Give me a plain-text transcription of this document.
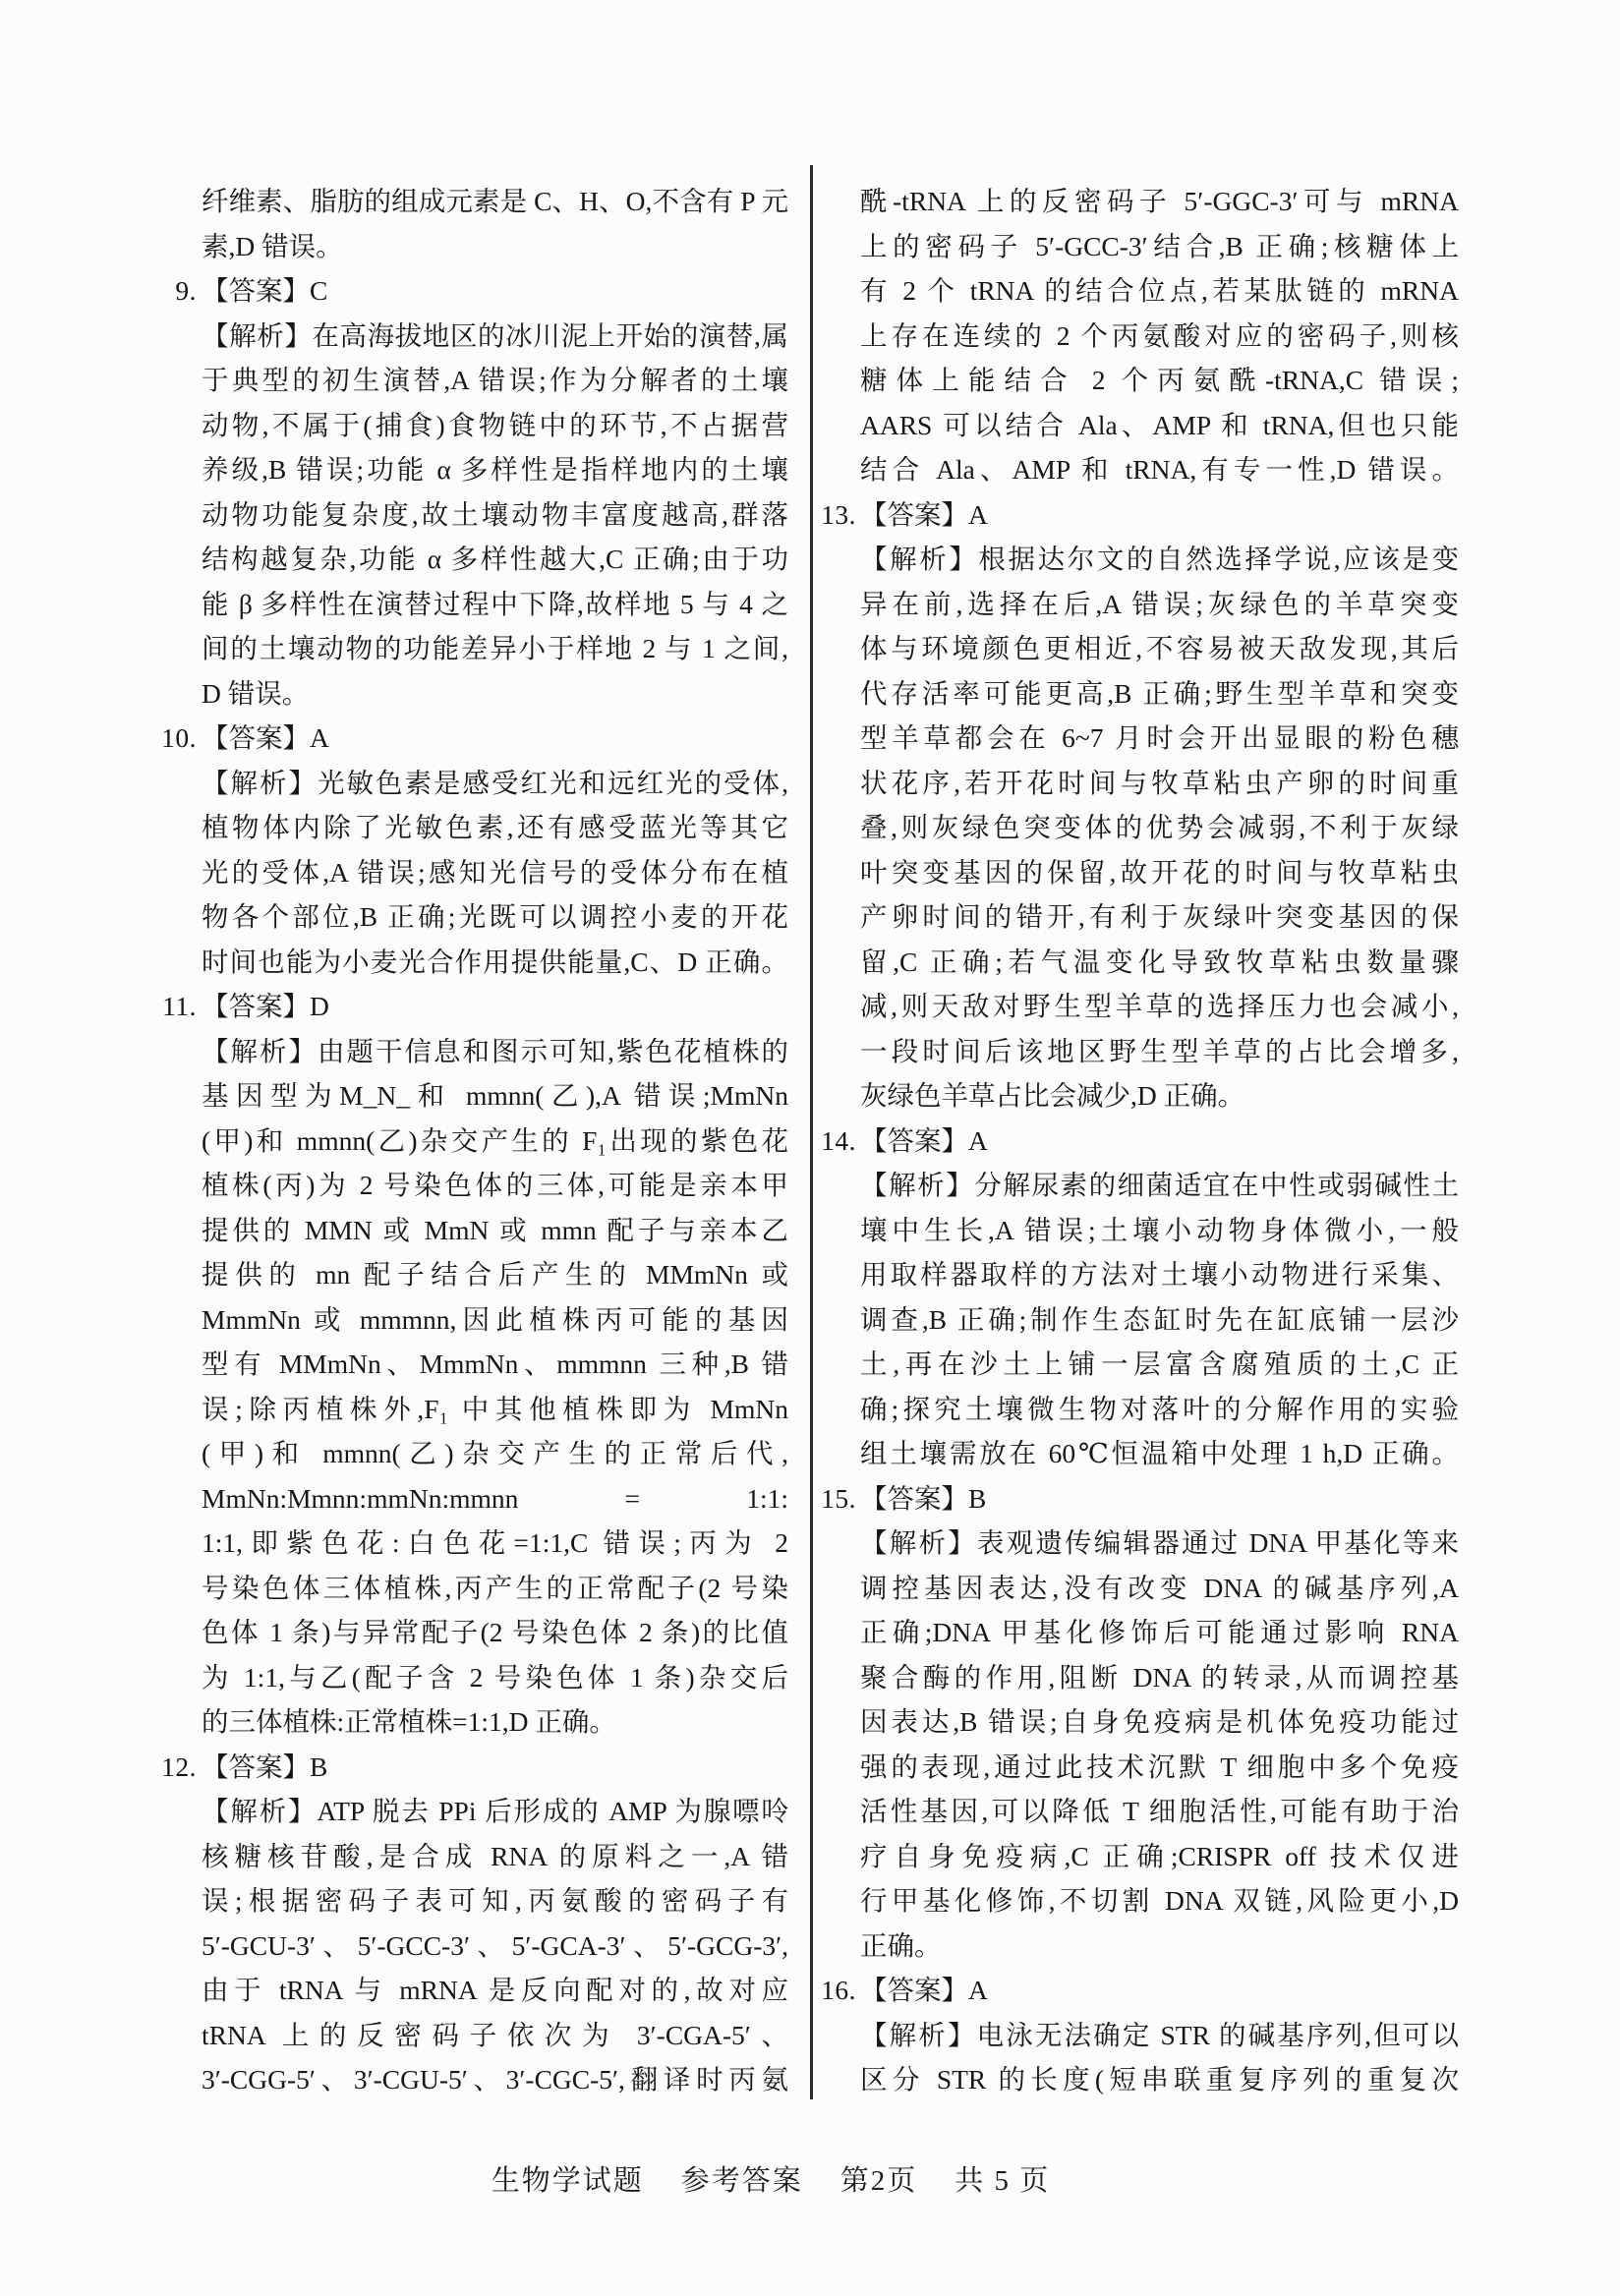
纤维素、脂肪的组成元素是 C、H、O,不含有 P 元
素,D 错误。
9. 【答案】C
【解析】在高海拔地区的冰川泥上开始的演替,属
于典型的初生演替,A 错误;作为分解者的土壤
动物,不属于(捕食)食物链中的环节,不占据营
养级,B 错误;功能 α 多样性是指样地内的土壤
动物功能复杂度,故土壤动物丰富度越高,群落
结构越复杂,功能 α 多样性越大,C 正确;由于功
能 β 多样性在演替过程中下降,故样地 5 与 4 之
间的土壤动物的功能差异小于样地 2 与 1 之间,
D 错误。
10. 【答案】A
【解析】光敏色素是感受红光和远红光的受体,
植物体内除了光敏色素,还有感受蓝光等其它
光的受体,A 错误;感知光信号的受体分布在植
物各个部位,B 正确;光既可以调控小麦的开花
时间也能为小麦光合作用提供能量,C、D 正确。
11. 【答案】D
【解析】由题干信息和图示可知,紫色花植株的
基因型为M_N_和 mmnn(乙),A 错误;MmNn
(甲)和 mmnn(乙)杂交产生的 F₁出现的紫色花
植株(丙)为 2 号染色体的三体,可能是亲本甲
提供的 MMN 或 MmN 或 mmn 配子与亲本乙
提供的 mn 配子结合后产生的 MMmNn 或
MmmNn 或 mmmnn,因此植株丙可能的基因
型有 MMmNn、MmmNn、mmmnn 三种,B 错
误;除丙植株外,F₁ 中其他植株即为 MmNn
(甲)和 mmnn(乙)杂交产生的正常后代,
MmNn:Mmnn:mmNn:mmnn = 1:1:
1:1,即紫色花:白色花=1:1,C 错误;丙为 2
号染色体三体植株,丙产生的正常配子(2 号染
色体 1 条)与异常配子(2 号染色体 2 条)的比值
为 1:1,与乙(配子含 2 号染色体 1 条)杂交后
的三体植株:正常植株=1:1,D 正确。
12. 【答案】B
【解析】ATP 脱去 PPi 后形成的 AMP 为腺嘌呤
核糖核苷酸,是合成 RNA 的原料之一,A 错
误;根据密码子表可知,丙氨酸的密码子有
5′-GCU-3′、5′-GCC-3′、5′-GCA-3′、5′-GCG-3′,
由于 tRNA 与 mRNA 是反向配对的,故对应
tRNA 上的反密码子依次为 3′-CGA-5′、
3′-CGG-5′、3′-CGU-5′、3′-CGC-5′,翻译时丙氨
酰-tRNA 上的反密码子 5′-GGC-3′可与 mRNA
上的密码子 5′-GCC-3′结合,B 正确;核糖体上
有 2 个 tRNA 的结合位点,若某肽链的 mRNA
上存在连续的 2 个丙氨酸对应的密码子,则核
糖体上能结合 2 个丙氨酰-tRNA,C 错误;
AARS 可以结合 Ala、AMP 和 tRNA,但也只能
结合 Ala、AMP 和 tRNA,有专一性,D 错误。
13. 【答案】A
【解析】根据达尔文的自然选择学说,应该是变
异在前,选择在后,A 错误;灰绿色的羊草突变
体与环境颜色更相近,不容易被天敌发现,其后
代存活率可能更高,B 正确;野生型羊草和突变
型羊草都会在 6~7 月时会开出显眼的粉色穗
状花序,若开花时间与牧草粘虫产卵的时间重
叠,则灰绿色突变体的优势会减弱,不利于灰绿
叶突变基因的保留,故开花的时间与牧草粘虫
产卵时间的错开,有利于灰绿叶突变基因的保
留,C 正确;若气温变化导致牧草粘虫数量骤
减,则天敌对野生型羊草的选择压力也会减小,
一段时间后该地区野生型羊草的占比会增多,
灰绿色羊草占比会减少,D 正确。
14. 【答案】A
【解析】分解尿素的细菌适宜在中性或弱碱性土
壤中生长,A 错误;土壤小动物身体微小,一般
用取样器取样的方法对土壤小动物进行采集、
调查,B 正确;制作生态缸时先在缸底铺一层沙
土,再在沙土上铺一层富含腐殖质的土,C 正
确;探究土壤微生物对落叶的分解作用的实验
组土壤需放在 60℃恒温箱中处理 1 h,D 正确。
15. 【答案】B
【解析】表观遗传编辑器通过 DNA 甲基化等来
调控基因表达,没有改变 DNA 的碱基序列,A
正确;DNA 甲基化修饰后可能通过影响 RNA
聚合酶的作用,阻断 DNA 的转录,从而调控基
因表达,B 错误;自身免疫病是机体免疫功能过
强的表现,通过此技术沉默 T 细胞中多个免疫
活性基因,可以降低 T 细胞活性,可能有助于治
疗自身免疫病,C 正确;CRISPR off 技术仅进
行甲基化修饰,不切割 DNA 双链,风险更小,D
正确。
16. 【答案】A
【解析】电泳无法确定 STR 的碱基序列,但可以
区分 STR 的长度(短串联重复序列的重复次
生物学试题 参考答案 第2页 共 5 页
